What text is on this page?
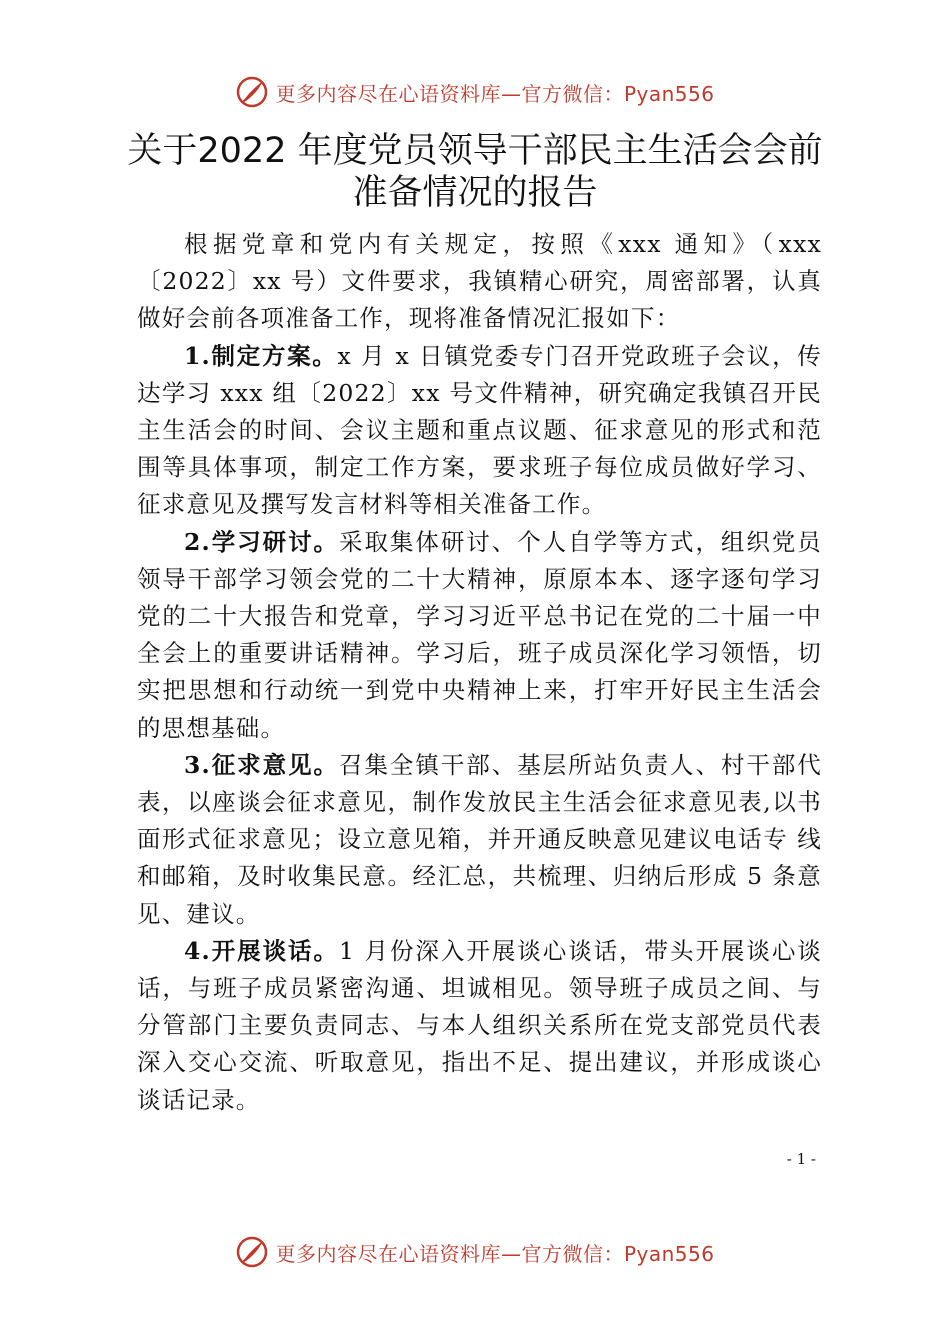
更多内容尽在心语资料库—官方微信：Pyan556
关于2022 年度党员领导干部民主生活会会前准备情况的报告

根据党章和党内有关规定，按照《xxx 通知》（xxx〔2022〕xx 号）文件要求，我镇精心研究，周密部署，认真做好会前各项准备工作，现将准备情况汇报如下：

1.制定方案。x 月 x 日镇党委专门召开党政班子会议，传达学习 xxx 组〔2022〕xx 号文件精神，研究确定我镇召开民主生活会的时间、会议主题和重点议题、征求意见的形式和范围等具体事项，制定工作方案，要求班子每位成员做好学习、征求意见及撰写发言材料等相关准备工作。

2.学习研讨。采取集体研讨、个人自学等方式，组织党员领导干部学习领会党的二十大精神，原原本本、逐字逐句学习党的二十大报告和党章，学习习近平总书记在党的二十届一中全会上的重要讲话精神。学习后，班子成员深化学习领悟，切实把思想和行动统一到党中央精神上来，打牢开好民主生活会的思想基础。

3.征求意见。召集全镇干部、基层所站负责人、村干部代表，以座谈会征求意见，制作发放民主生活会征求意见表,以书面形式征求意见；设立意见箱，并开通反映意见建议电话专 线和邮箱，及时收集民意。经汇总，共梳理、归纳后形成 5 条意见、建议。

4.开展谈话。1 月份深入开展谈心谈话，带头开展谈心谈话，与班子成员紧密沟通、坦诚相见。领导班子成员之间、与分管部门主要负责同志、与本人组织关系所在党支部党员代表深入交心交流、听取意见，指出不足、提出建议，并形成谈心谈话记录。

- 1 -
更多内容尽在心语资料库—官方微信：Pyan556
